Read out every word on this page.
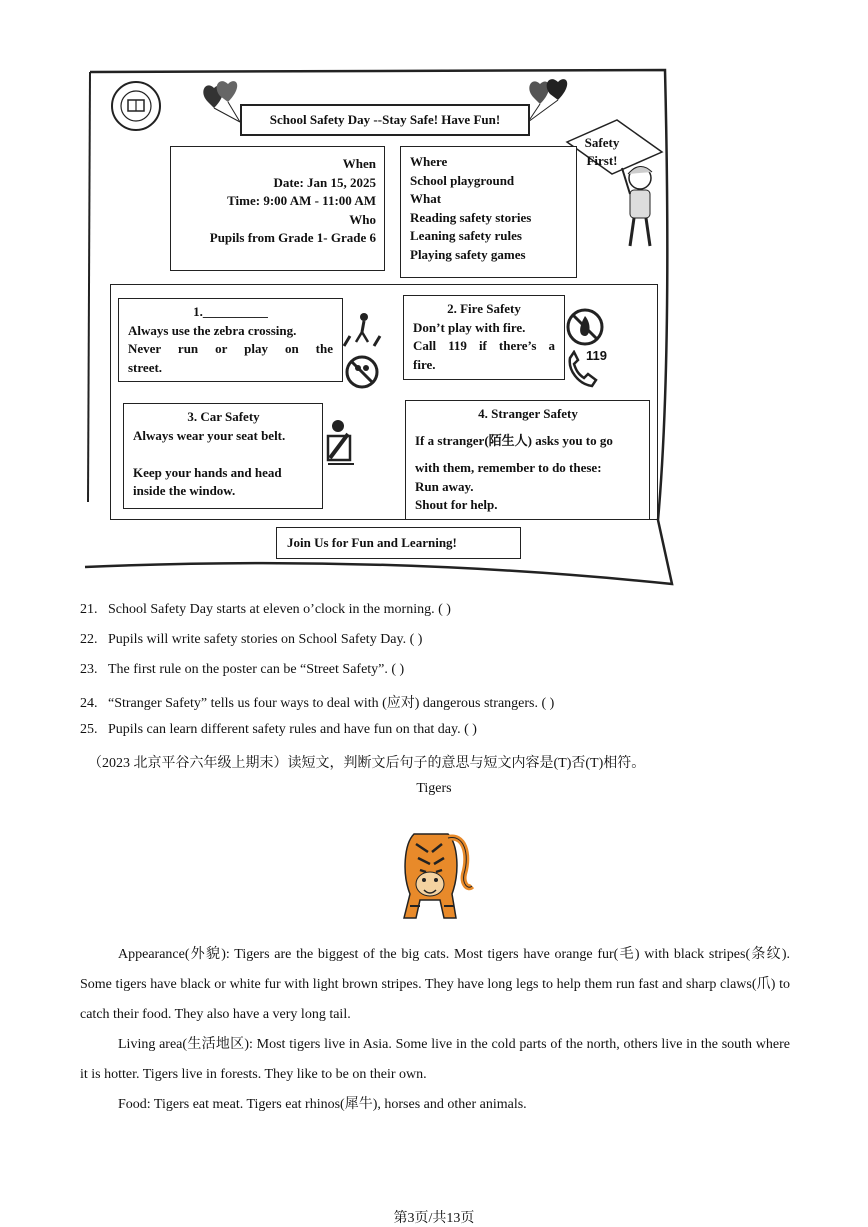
School Safety Day --Stay Safe! Have Fun!
Safety
First!
When
Date: Jan 15, 2025
Time: 9:00 AM - 11:00 AM
Who
Pupils from Grade 1- Grade 6
Where
School playground
What
Reading safety stories
Leaning safety rules
Playing safety games
1.__________
Always use the zebra crossing.
Never run or play on the
street.
2. Fire Safety
Don’t play with fire.
Call 119 if there’s a
fire.
119
3. Car Safety
Always wear your seat belt.
Keep your hands and head
inside the window.
4. Stranger Safety
If a stranger(陌生人) asks you to go
with them, remember to do these:
Run away.
Shout for help.
Join Us for Fun and Learning!
21. School Safety Day starts at eleven o’clock in the morning. ( )
22. Pupils will write safety stories on School Safety Day. ( )
23. The first rule on the poster can be “Street Safety”. ( )
24. “Stranger Safety” tells us four ways to deal with (应对) dangerous strangers. ( )
25. Pupils can learn different safety rules and have fun on that day. ( )
（2023 北京平谷六年级上期末）读短文，判断文后句子的意思与短文内容是(T)否(T)相符。
Tigers

Appearance(外貌): Tigers are the biggest of the big cats. Most tigers have orange fur(毛) with black stripes(条纹). Some tigers have black or white fur with light brown stripes. They have long legs to help them run fast and sharp claws(爪) to catch their food. They also have a very long tail.

Living area(生活地区): Most tigers live in Asia. Some live in the cold parts of the north, others live in the south where it is hotter. Tigers live in forests. They like to be on their own.

Food: Tigers eat meat. Tigers eat rhinos(犀牛), horses and other animals.

第3页/共13页
